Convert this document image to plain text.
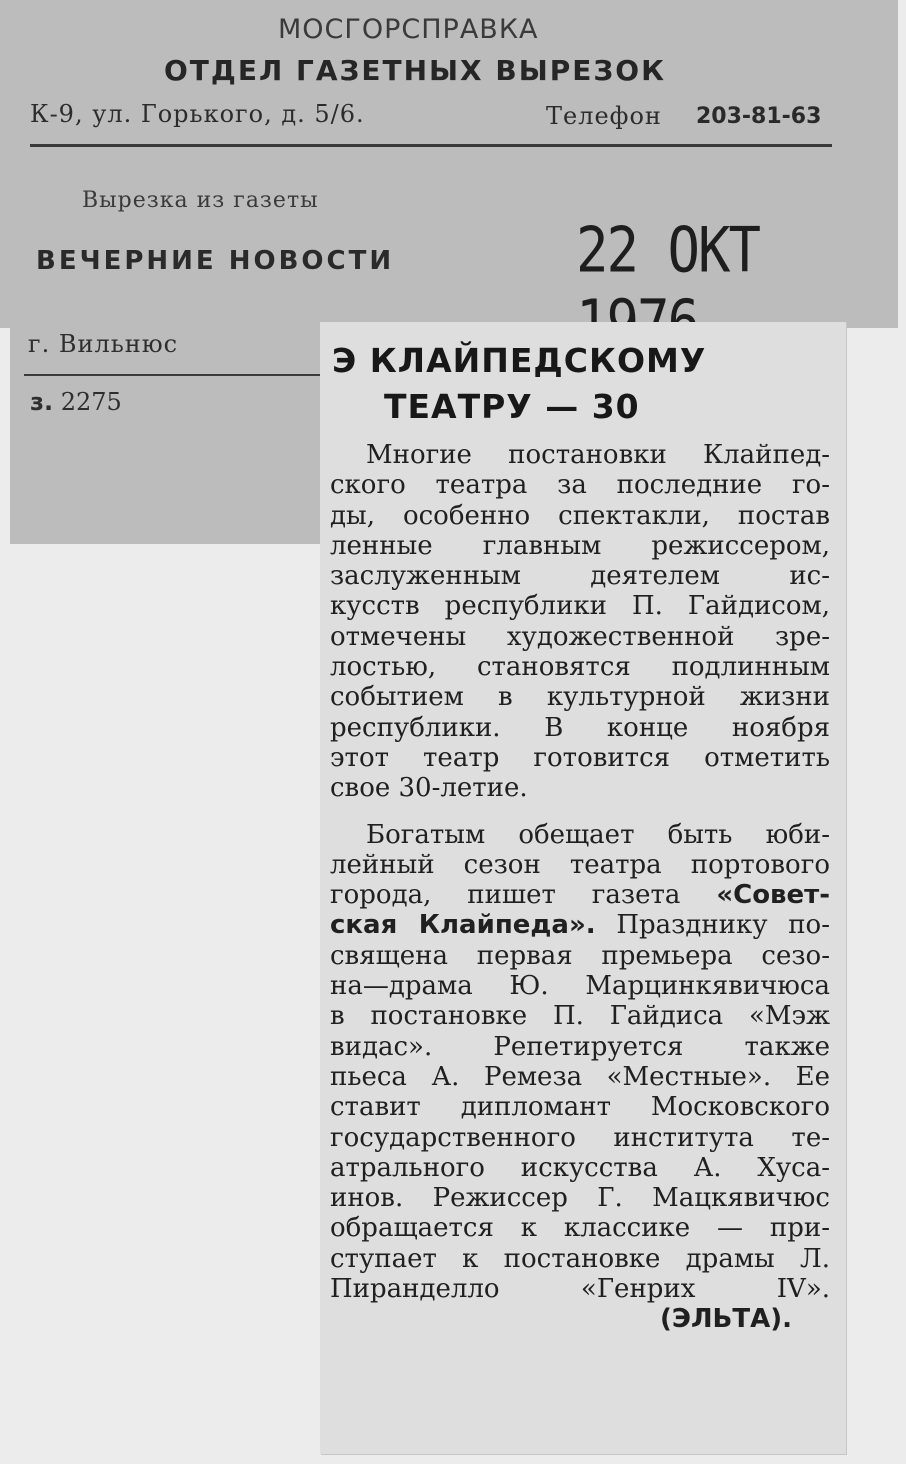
МОСГОРСПРАВКА
ОТДЕЛ ГАЗЕТНЫХ ВЫРЕЗОК
К-9, ул. Горького, д. 5/6.	Телефон 203-81-63
Вырезка из газеты
ВЕЧЕРНИЕ НОВОСТИ	22 ОКТ
г. Вильнюс
з. 2275
Э КЛАЙПЕДСКОМУ
ТЕАТРУ — 30
Многие постановки Клайпед-
ского театра за последние го-
ды, особенно спектакли, постав
ленные главным режиссером,
заслуженным деятелем ис-
кусств республики П. Гайдисом,
отмечены художественной зре-
лостью, становятся подлинным
событием в культурной жизни
республики. В конце ноября
этот театр готовится отметить
свое 30-летие.
Богатым обещает быть юби-
лейный сезон театра портового
города, пишет газета «Совет-
ская Клайпеда». Празднику по-
священа первая премьера сезо-
на—драма Ю. Марцинкявичюса
в постановке П. Гайдиса «Мэж
видас». Репетируется также
пьеса А. Ремеза «Местные». Ее
ставит дипломант Московского
государственного института те-
атрального искусства А. Хуса-
инов. Режиссер Г. Мацкявичюс
обращается к классике — при-
ступает к постановке драмы Л.
Пиранделло «Генрих IV».
(ЭЛЬТА).
